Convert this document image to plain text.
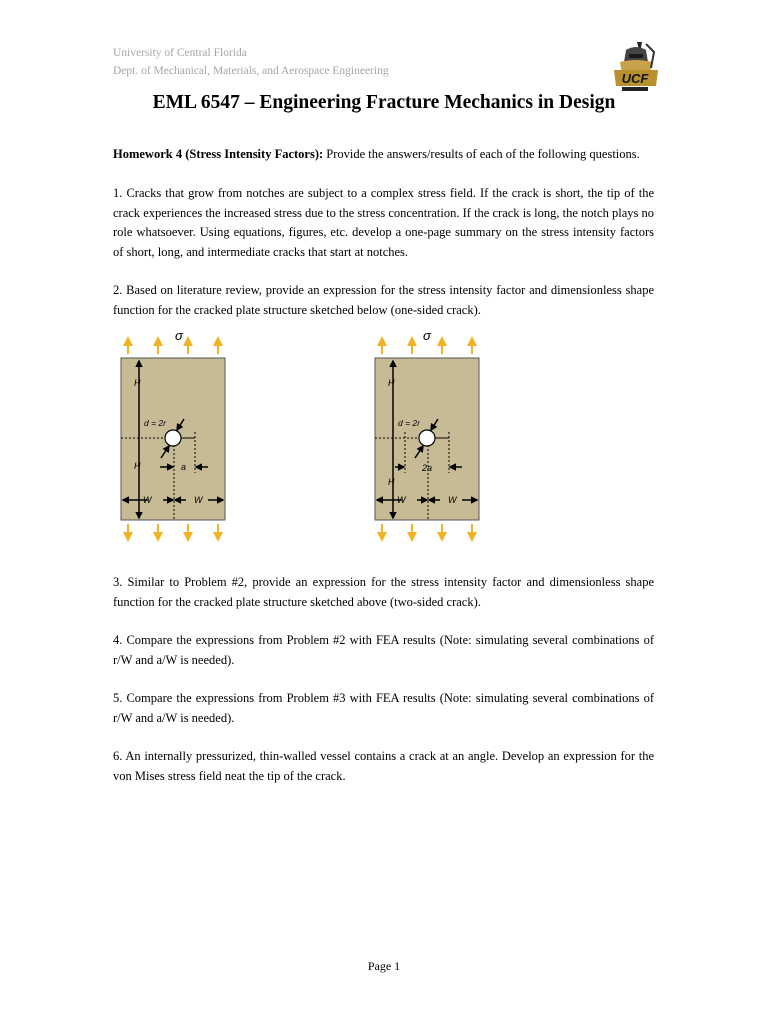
University of Central Florida
Dept. of Mechanical, Materials, and Aerospace Engineering	UCF
EML 6547 – Engineering Fracture Mechanics in Design
Homework 4 (Stress Intensity Factors): Provide the answers/results of each of the following questions.
1. Cracks that grow from notches are subject to a complex stress field. If the crack is short, the tip of the crack experiences the increased stress due to the stress concentration. If the crack is long, the notch plays no role whatsoever. Using equations, figures, etc. develop a one-page summary on the stress intensity factors of short, long, and intermediate cracks that start at notches.
2. Based on literature review, provide an expression for the stress intensity factor and dimensionless shape function for the cracked plate structure sketched below (one-sided crack).
σ
H
d = 2r
H	a
W	W
σ
H
d = 2r
H
2a
W	W
3. Similar to Problem #2, provide an expression for the stress intensity factor and dimensionless shape function for the cracked plate structure sketched above (two-sided crack).
4. Compare the expressions from Problem #2 with FEA results (Note: simulating several combinations of r/W and a/W is needed).
5. Compare the expressions from Problem #3 with FEA results (Note: simulating several combinations of r/W and a/W is needed).
6. An internally pressurized, thin-walled vessel contains a crack at an angle. Develop an expression for the von Mises stress field neat the tip of the crack.
Page 1
